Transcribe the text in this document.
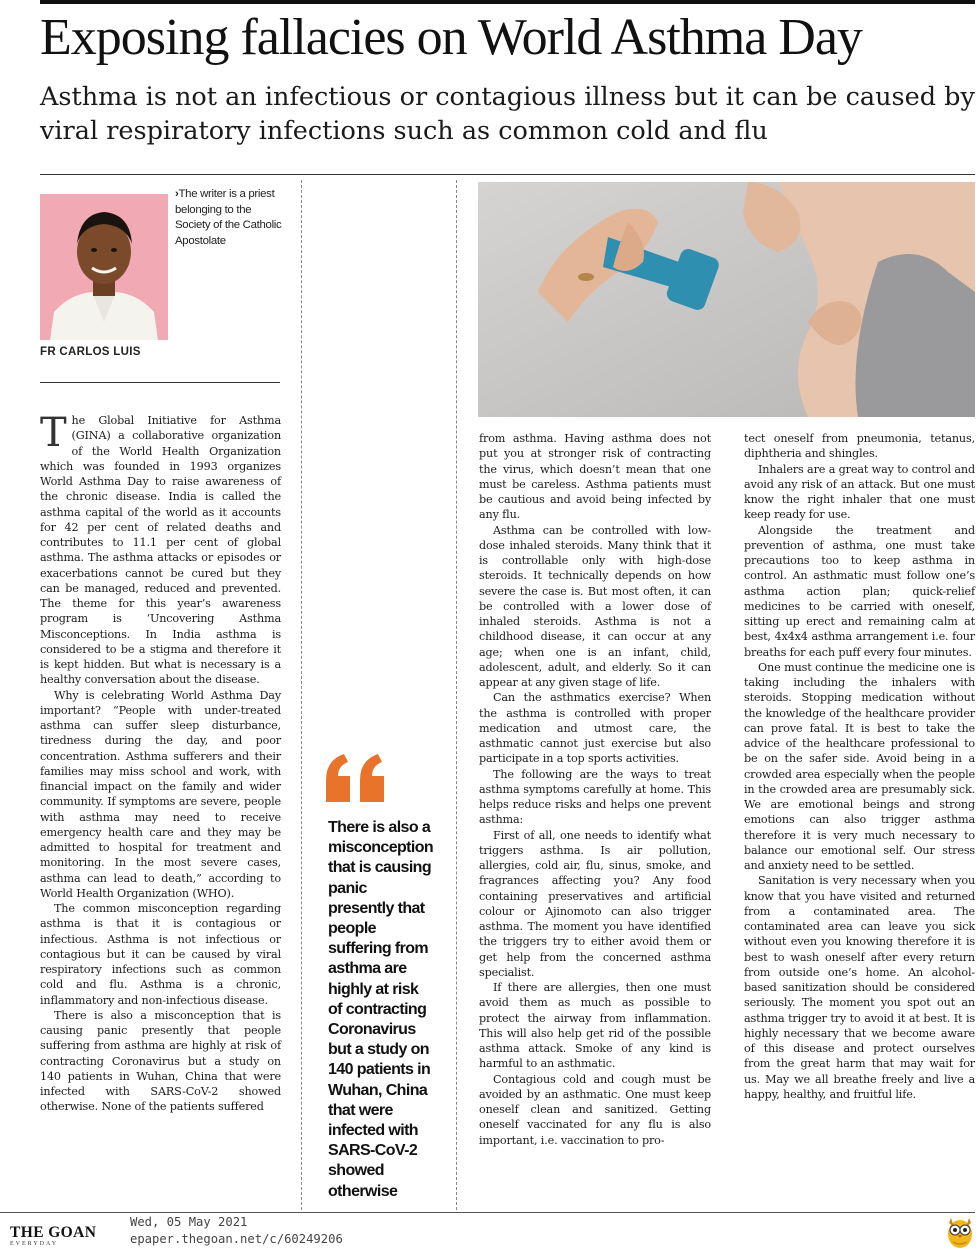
Exposing fallacies on World Asthma Day
Asthma is not an infectious or contagious illness but it can be caused by viral respiratory infections such as common cold and flu
›The writer is a priest belonging to the Society of the Catholic Apostolate
FR CARLOS LUIS

The Global Initiative for Asthma (GINA) a collaborative organization of the World Health Organization which was founded in 1993 organizes World Asthma Day to raise awareness of the chronic disease. India is called the asthma capital of the world as it accounts for 42 per cent of related deaths and contributes to 11.1 per cent of global asthma. The asthma attacks or episodes or exacerbations cannot be cured but they can be managed, reduced and prevented. The theme for this year’s awareness program is ‘Uncovering Asthma Misconceptions. In India asthma is considered to be a stigma and therefore it is kept hidden. But what is necessary is a healthy conversation about the disease.

Why is celebrating World Asthma Day important? “People with under-treated asthma can suffer sleep disturbance, tiredness during the day, and poor concentration. Asthma sufferers and their families may miss school and work, with financial impact on the family and wider community. If symptoms are severe, people with asthma may need to receive emergency health care and they may be admitted to hospital for treatment and monitoring. In the most severe cases, asthma can lead to death,” according to World Health Organization (WHO).

The common misconception regarding asthma is that it is contagious or infectious. Asthma is not infectious or contagious but it can be caused by viral respiratory infections such as common cold and flu. Asthma is a chronic, inflammatory and non-infectious disease.

There is also a misconception that is causing panic presently that people suffering from asthma are highly at risk of contracting Coronavirus but a study on 140 patients in Wuhan, China that were infected with SARS-CoV-2 showed otherwise. None of the patients suffered

There is also a misconception that is causing panic presently that people suffering from asthma are highly at risk of contracting Coronavirus but a study on 140 patients in Wuhan, China that were infected with SARS-CoV-2 showed otherwise

from asthma. Having asthma does not put you at stronger risk of contracting the virus, which doesn’t mean that one must be careless. Asthma patients must be cautious and avoid being infected by any flu.

Asthma can be controlled with low-dose inhaled steroids. Many think that it is controllable only with high-dose steroids. It technically depends on how severe the case is. But most often, it can be controlled with a lower dose of inhaled steroids. Asthma is not a childhood disease, it can occur at any age; when one is an infant, child, adolescent, adult, and elderly. So it can appear at any given stage of life.

Can the asthmatics exercise? When the asthma is controlled with proper medication and utmost care, the asthmatic cannot just exercise but also participate in a top sports activities.

The following are the ways to treat asthma symptoms carefully at home. This helps reduce risks and helps one prevent asthma:

First of all, one needs to identify what triggers asthma. Is air pollution, allergies, cold air, flu, sinus, smoke, and fragrances affecting you? Any food containing preservatives and artificial colour or Ajinomoto can also trigger asthma. The moment you have identified the triggers try to either avoid them or get help from the concerned asthma specialist.

If there are allergies, then one must avoid them as much as possible to protect the airway from inflammation. This will also help get rid of the possible asthma attack. Smoke of any kind is harmful to an asthmatic.

Contagious cold and cough must be avoided by an asthmatic. One must keep oneself clean and sanitized. Getting oneself vaccinated for any flu is also important, i.e. vaccination to pro-

tect oneself from pneumonia, tetanus, diphtheria and shingles.

Inhalers are a great way to control and avoid any risk of an attack. But one must know the right inhaler that one must keep ready for use.

Alongside the treatment and prevention of asthma, one must take precautions too to keep asthma in control. An asthmatic must follow one’s asthma action plan; quick-relief medicines to be carried with oneself, sitting up erect and remaining calm at best, 4x4x4 asthma arrangement i.e. four breaths for each puff every four minutes.

One must continue the medicine one is taking including the inhalers with steroids. Stopping medication without the knowledge of the healthcare provider can prove fatal. It is best to take the advice of the healthcare professional to be on the safer side. Avoid being in a crowded area especially when the people in the crowded area are presumably sick. We are emotional beings and strong emotions can also trigger asthma therefore it is very much necessary to balance our emotional self. Our stress and anxiety need to be settled.

Sanitation is very necessary when you know that you have visited and returned from a contaminated area. The contaminated area can leave you sick without even you knowing therefore it is best to wash oneself after every return from outside one’s home. An alcohol-based sanitization should be considered seriously. The moment you spot out an asthma trigger try to avoid it at best. It is highly necessary that we become aware of this disease and protect ourselves from the great harm that may wait for us. May we all breathe freely and live a happy, healthy, and fruitful life.

THE GOAN
EVERYDAY
Wed, 05 May 2021
epaper.thegoan.net/c/60249206
